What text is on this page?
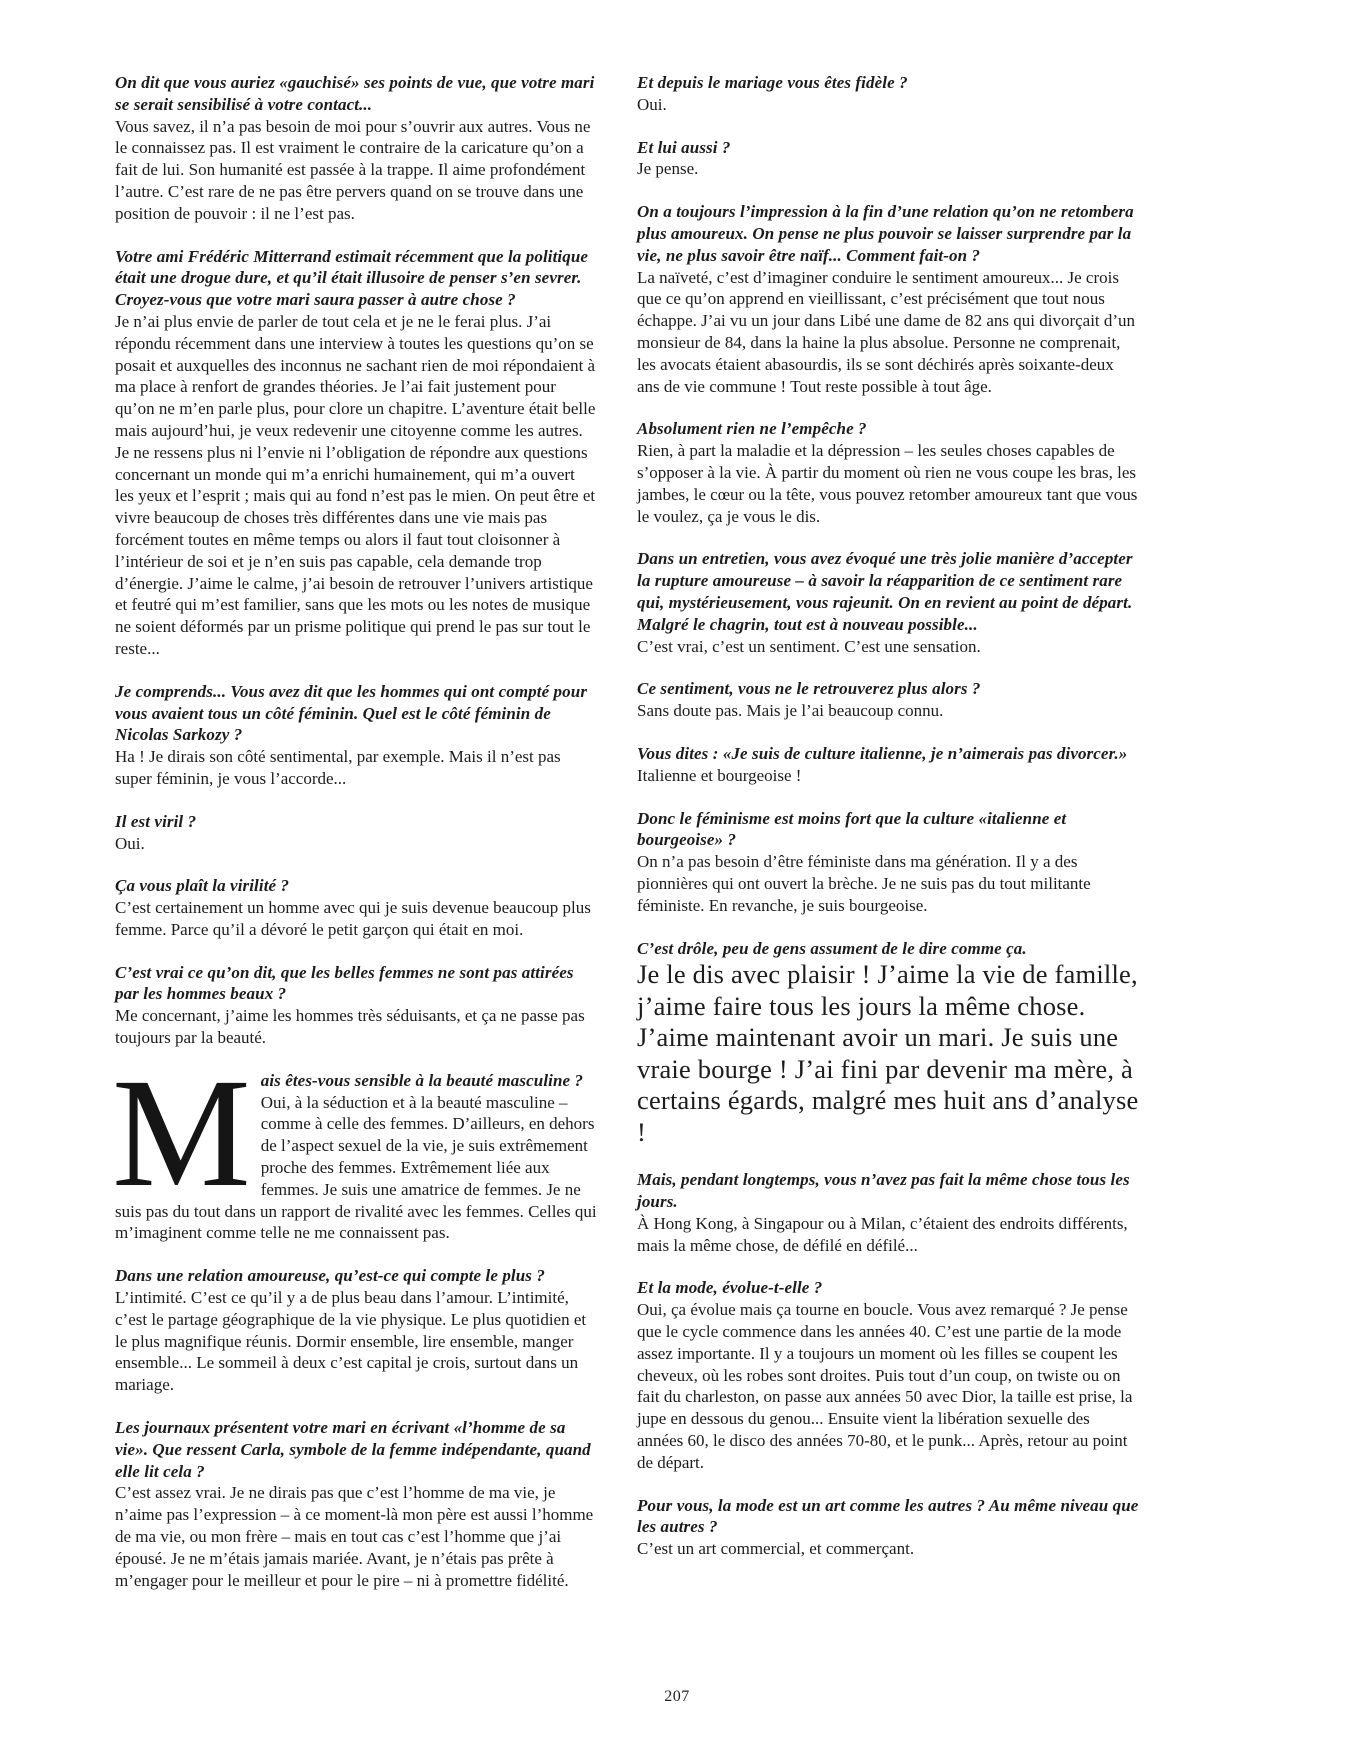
On dit que vous auriez «gauchisé» ses points de vue, que votre mari se serait sensibilisé à votre contact...

Vous savez, il n’a pas besoin de moi pour s’ouvrir aux autres. Vous ne le connaissez pas. Il est vraiment le contraire de la caricature qu’on a fait de lui. Son humanité est passée à la trappe. Il aime profondément l’autre. C’est rare de ne pas être pervers quand on se trouve dans une position de pouvoir : il ne l’est pas.

Votre ami Frédéric Mitterrand estimait récemment que la politique était une drogue dure, et qu’il était illusoire de penser s’en sevrer. Croyez-vous que votre mari saura passer à autre chose ?

Je n’ai plus envie de parler de tout cela et je ne le ferai plus. J’ai répondu récemment dans une interview à toutes les questions qu’on se posait et auxquelles des inconnus ne sachant rien de moi répondaient à ma place à renfort de grandes théories. Je l’ai fait justement pour qu’on ne m’en parle plus, pour clore un chapitre. L’aventure était belle mais aujourd’hui, je veux redevenir une citoyenne comme les autres. Je ne ressens plus ni l’envie ni l’obligation de répondre aux questions concernant un monde qui m’a enrichi humainement, qui m’a ouvert les yeux et l’esprit ; mais qui au fond n’est pas le mien. On peut être et vivre beaucoup de choses très différentes dans une vie mais pas forcément toutes en même temps ou alors il faut tout cloisonner à l’intérieur de soi et je n’en suis pas capable, cela demande trop d’énergie. J’aime le calme, j’ai besoin de retrouver l’univers artistique et feutré qui m’est familier, sans que les mots ou les notes de musique ne soient déformés par un prisme politique qui prend le pas sur tout le reste...

Je comprends... Vous avez dit que les hommes qui ont compté pour vous avaient tous un côté féminin. Quel est le côté féminin de Nicolas Sarkozy ?

Ha ! Je dirais son côté sentimental, par exemple. Mais il n’est pas super féminin, je vous l’accorde...

Il est viril ?

Oui.

Ça vous plaît la virilité ?

C’est certainement un homme avec qui je suis devenue beaucoup plus femme. Parce qu’il a dévoré le petit garçon qui était en moi.

C’est vrai ce qu’on dit, que les belles femmes ne sont pas attirées par les hommes beaux ?

Me concernant, j’aime les hommes très séduisants, et ça ne passe pas toujours par la beauté.

M ais êtes-vous sensible à la beauté masculine ?
Oui, à la séduction et à la beauté masculine – comme à celle des femmes. D’ailleurs, en dehors de l’aspect sexuel de la vie, je suis extrêmement proche des femmes. Extrêmement liée aux femmes. Je suis une amatrice de femmes. Je ne suis pas du tout dans un rapport de rivalité avec les femmes. Celles qui m’imaginent comme telle ne me connaissent pas.

Dans une relation amoureuse, qu’est-ce qui compte le plus ?

L’intimité. C’est ce qu’il y a de plus beau dans l’amour. L’intimité, c’est le partage géographique de la vie physique. Le plus quotidien et le plus magnifique réunis. Dormir ensemble, lire ensemble, manger ensemble... Le sommeil à deux c’est capital je crois, surtout dans un mariage.

Les journaux présentent votre mari en écrivant «l’homme de sa vie». Que ressent Carla, symbole de la femme indépendante, quand elle lit cela ?

C’est assez vrai. Je ne dirais pas que c’est l’homme de ma vie, je n’aime pas l’expression – à ce moment-là mon père est aussi l’homme de ma vie, ou mon frère – mais en tout cas c’est l’homme que j’ai épousé. Je ne m’étais jamais mariée. Avant, je n’étais pas prête à m’engager pour le meilleur et pour le pire – ni à promettre fidélité.

Et depuis le mariage vous êtes fidèle ?

Oui.

Et lui aussi ?

Je pense.

On a toujours l’impression à la fin d’une relation qu’on ne retombera plus amoureux. On pense ne plus pouvoir se laisser surprendre par la vie, ne plus savoir être naïf... Comment fait-on ?

La naïveté, c’est d’imaginer conduire le sentiment amoureux... Je crois que ce qu’on apprend en vieillissant, c’est précisément que tout nous échappe. J’ai vu un jour dans Libé une dame de 82 ans qui divorçait d’un monsieur de 84, dans la haine la plus absolue. Personne ne comprenait, les avocats étaient abasourdis, ils se sont déchirés après soixante-deux ans de vie commune ! Tout reste possible à tout âge.

Absolument rien ne l’empêche ?

Rien, à part la maladie et la dépression – les seules choses capables de s’opposer à la vie. À partir du moment où rien ne vous coupe les bras, les jambes, le cœur ou la tête, vous pouvez retomber amoureux tant que vous le voulez, ça je vous le dis.

Dans un entretien, vous avez évoqué une très jolie manière d’accepter la rupture amoureuse – à savoir la réapparition de ce sentiment rare qui, mystérieusement, vous rajeunit. On en revient au point de départ. Malgré le chagrin, tout est à nouveau possible...

C’est vrai, c’est un sentiment. C’est une sensation.

Ce sentiment, vous ne le retrouverez plus alors ?

Sans doute pas. Mais je l’ai beaucoup connu.

Vous dites : «Je suis de culture italienne, je n’aimerais pas divorcer.»

Italienne et bourgeoise !

Donc le féminisme est moins fort que la culture «italienne et bourgeoise» ?

On n’a pas besoin d’être féministe dans ma génération. Il y a des pionnières qui ont ouvert la brèche. Je ne suis pas du tout militante féministe. En revanche, je suis bourgeoise.

C’est drôle, peu de gens assument de le dire comme ça.

Je le dis avec plaisir ! J’aime la vie de famille, j’aime faire tous les jours la même chose. J’aime maintenant avoir un mari. Je suis une vraie bourge ! J’ai fini par devenir ma mère, à certains égards, malgré mes huit ans d’analyse !

Mais, pendant longtemps, vous n’avez pas fait la même chose tous les jours.

À Hong Kong, à Singapour ou à Milan, c’étaient des endroits différents, mais la même chose, de défilé en défilé...

Et la mode, évolue-t-elle ?

Oui, ça évolue mais ça tourne en boucle. Vous avez remarqué ? Je pense que le cycle commence dans les années 40. C’est une partie de la mode assez importante. Il y a toujours un moment où les filles se coupent les cheveux, où les robes sont droites. Puis tout d’un coup, on twiste ou on fait du charleston, on passe aux années 50 avec Dior, la taille est prise, la jupe en dessous du genou... Ensuite vient la libération sexuelle des années 60, le disco des années 70-80, et le punk... Après, retour au point de départ.

Pour vous, la mode est un art comme les autres ? Au même niveau que les autres ?

C’est un art commercial, et commerçant.

207
